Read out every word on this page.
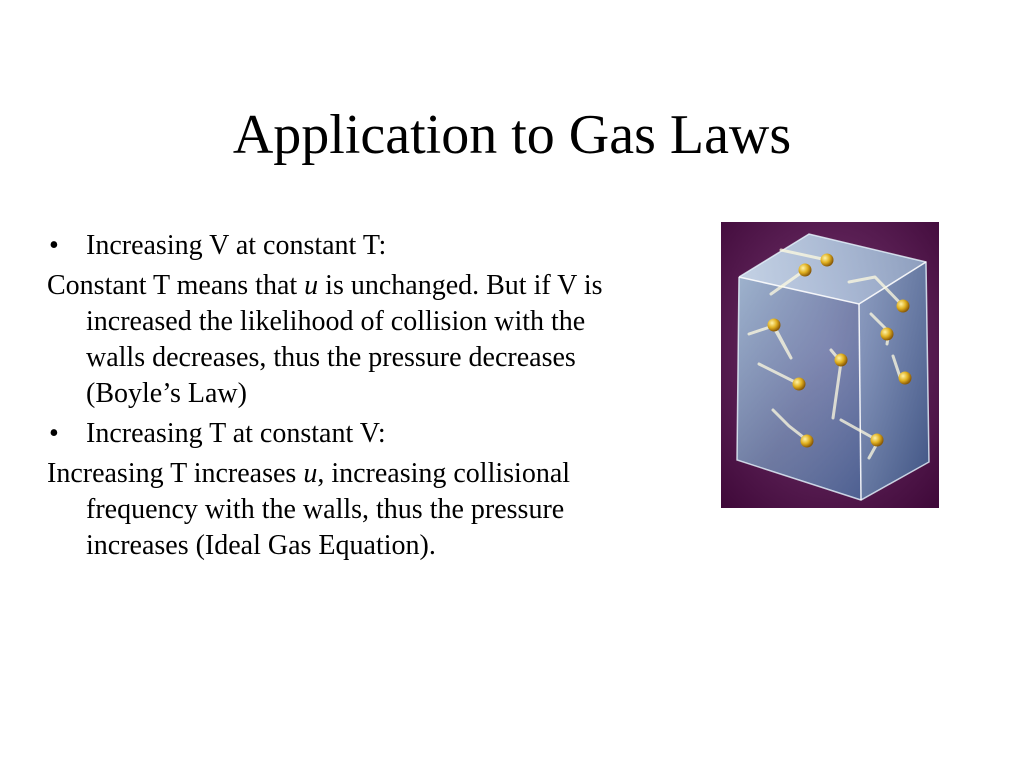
Application to Gas Laws
• Increasing V at constant T:

Constant T means that u is unchanged. But if V is increased the likelihood of collision with the walls decreases, thus the pressure decreases (Boyle’s Law)

• Increasing T at constant V:

Increasing T increases u, increasing collisional frequency with the walls, thus the pressure increases (Ideal Gas Equation).
